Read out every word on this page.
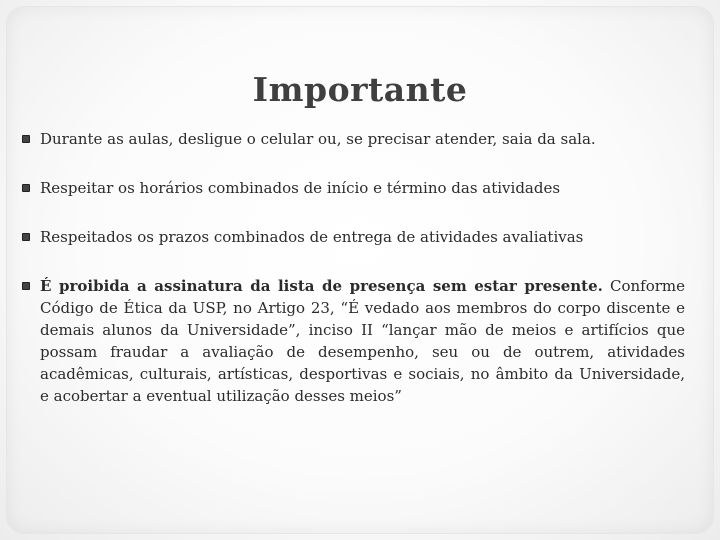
Importante
Durante as aulas, desligue o celular ou, se precisar atender, saia da sala.
Respeitar os horários combinados de início e término das atividades
Respeitados os prazos combinados de entrega de atividades avaliativas
É proibida a assinatura da lista de presença sem estar presente. Conforme Código de Ética da USP, no Artigo 23, “É vedado aos membros do corpo discente e demais alunos da Universidade”, inciso II “lançar mão de meios e artifícios que possam fraudar a avaliação de desempenho, seu ou de outrem, atividades acadêmicas, culturais, artísticas, desportivas e sociais, no âmbito da Universidade, e acobertar a eventual utilização desses meios”
